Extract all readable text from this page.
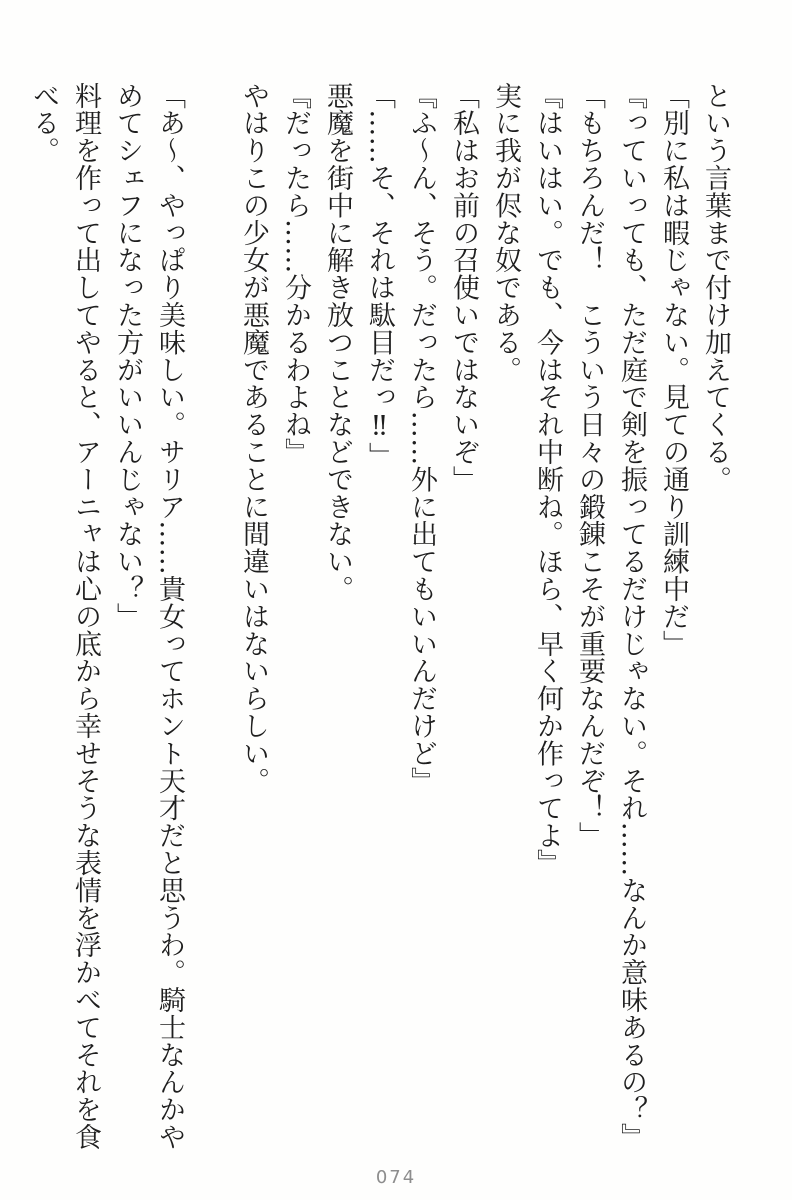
という言葉まで付け加えてくる。

「別に私は暇じゃない。見ての通り訓練中だ」

『っていっても、ただ庭で剣を振ってるだけじゃない。それ……なんか意味あるの？』

「もちろんだ！　こういう日々の鍛錬こそが重要なんだぞ！」

『はいはい。でも、今はそれ中断ね。ほら、早く何か作ってよ』

実に我が侭な奴である。

「私はお前の召使いではないぞ」

『ふ～ん、そう。だったら……外に出てもいいんだけど』

「……そ、それは駄目だっ‼」

悪魔を街中に解き放つことなどできない。

『だったら……分かるわよね』

やはりこの少女が悪魔であることに間違いはないらしい。

「あ～、やっぱり美味しい。サリア……貴女ってホント天才だと思うわ。騎士なんかやめてシェフになった方がいいんじゃない？」

料理を作って出してやると、アーニャは心の底から幸せそうな表情を浮かべてそれを食べる。

074
